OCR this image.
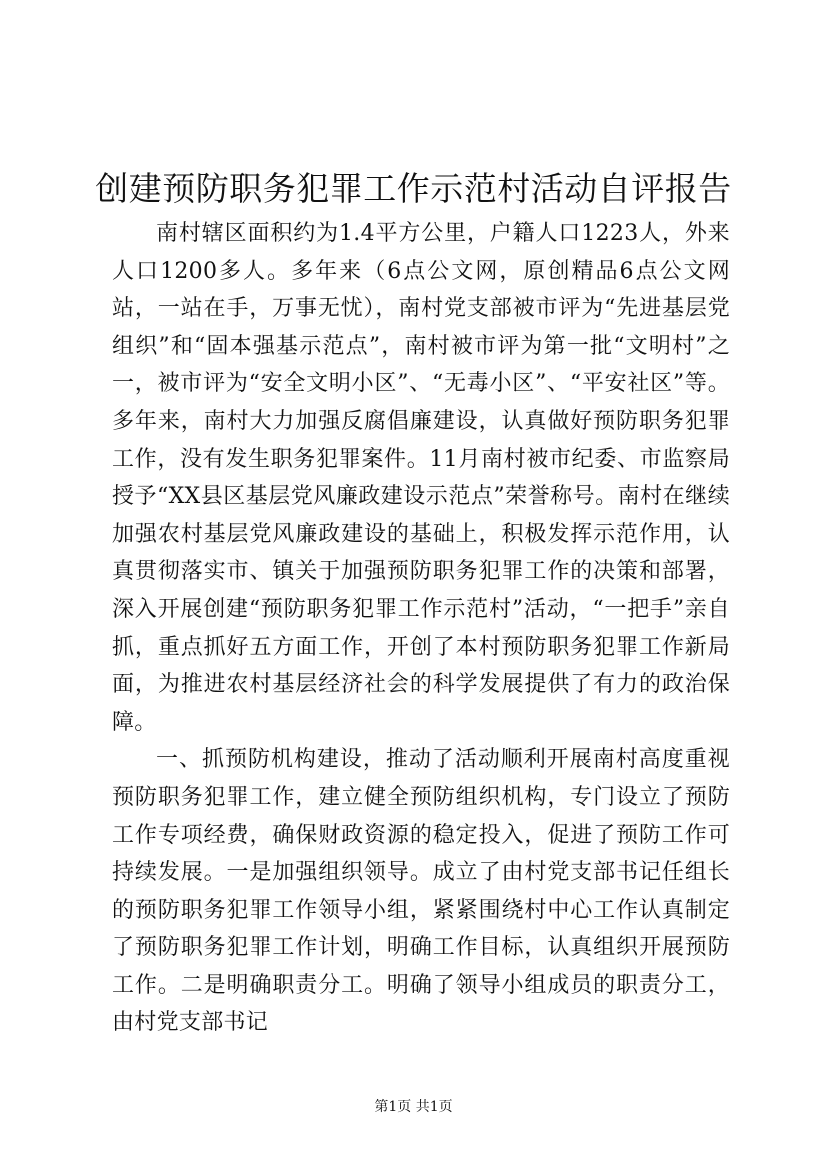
创建预防职务犯罪工作示范村活动自评报告

南村辖区面积约为1.4平方公里，户籍人口1223人，外来人口1200多人。多年来（6点公文网，原创精品6点公文网站，一站在手，万事无忧），南村党支部被市评为“先进基层党组织”和“固本强基示范点”，南村被市评为第一批“文明村”之一，被市评为“安全文明小区”、“无毒小区”、“平安社区”等。多年来，南村大力加强反腐倡廉建设，认真做好预防职务犯罪工作，没有发生职务犯罪案件。11月南村被市纪委、市监察局授予“XX县区基层党风廉政建设示范点”荣誉称号。南村在继续加强农村基层党风廉政建设的基础上，积极发挥示范作用，认真贯彻落实市、镇关于加强预防职务犯罪工作的决策和部署，深入开展创建“预防职务犯罪工作示范村”活动，“一把手”亲自抓，重点抓好五方面工作，开创了本村预防职务犯罪工作新局面，为推进农村基层经济社会的科学发展提供了有力的政治保障。

一、抓预防机构建设，推动了活动顺利开展南村高度重视预防职务犯罪工作，建立健全预防组织机构，专门设立了预防工作专项经费，确保财政资源的稳定投入，促进了预防工作可持续发展。一是加强组织领导。成立了由村党支部书记任组长的预防职务犯罪工作领导小组，紧紧围绕村中心工作认真制定了预防职务犯罪工作计划，明确工作目标，认真组织开展预防工作。二是明确职责分工。明确了领导小组成员的职责分工，由村党支部书记

第1页 共1页
